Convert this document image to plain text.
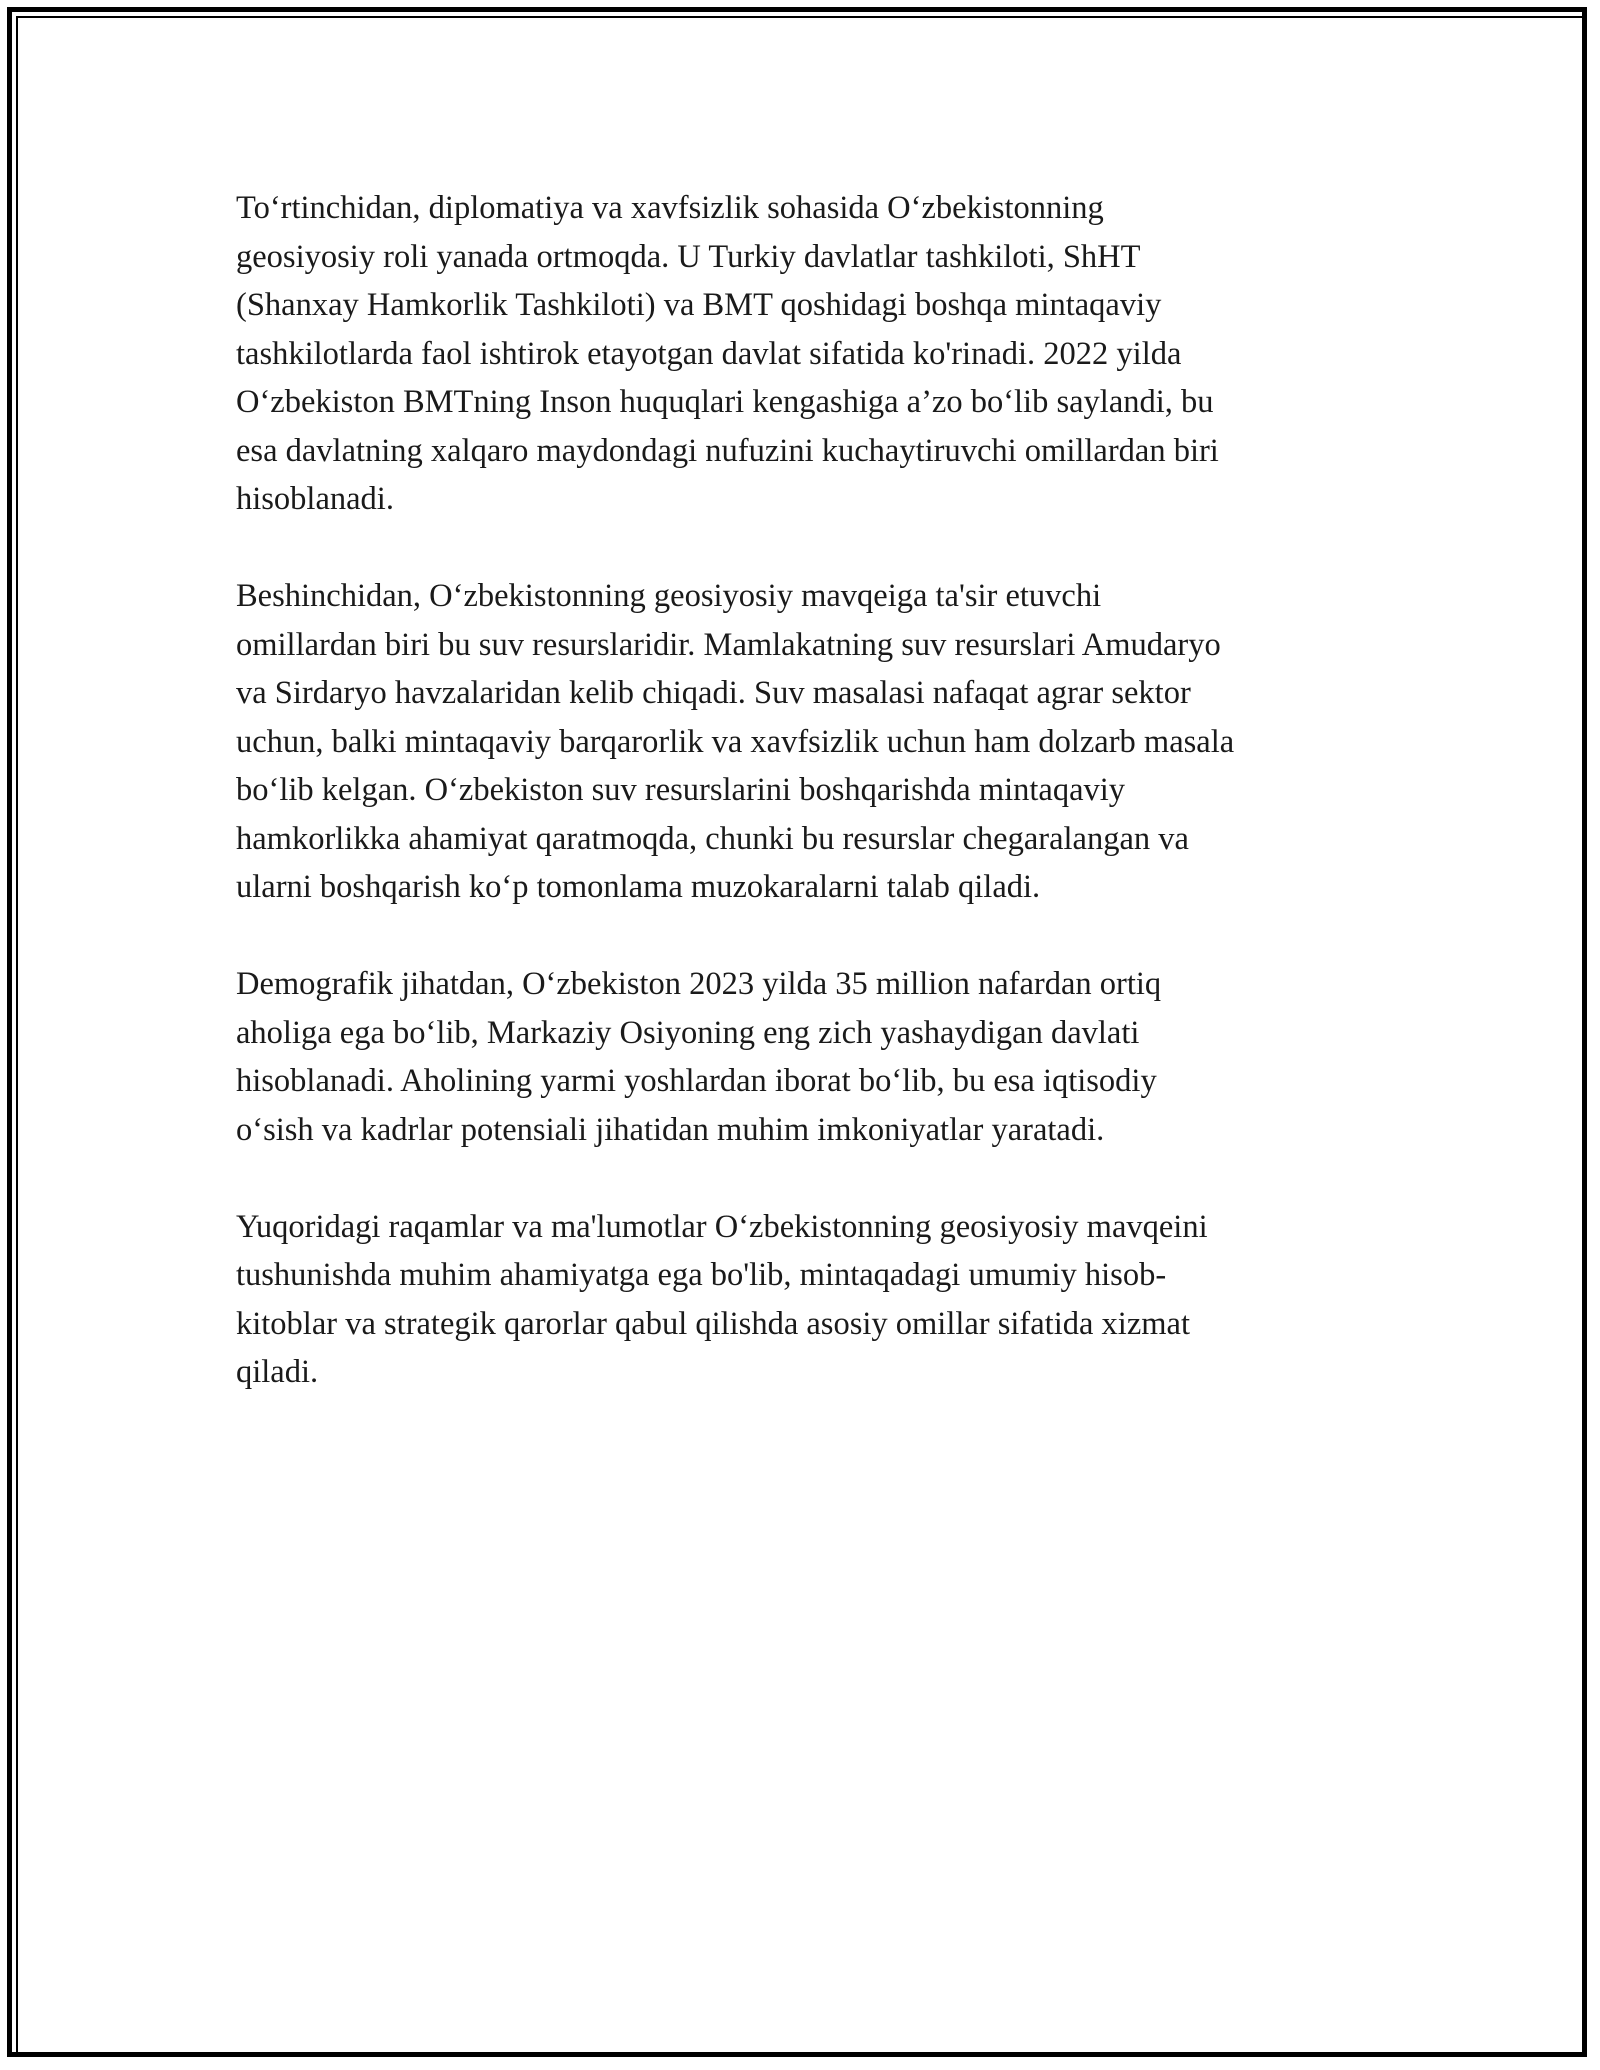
To‘rtinchidan, diplomatiya va xavfsizlik sohasida O‘zbekistonning
geosiyosiy roli yanada ortmoqda. U Turkiy davlatlar tashkiloti, ShHT
(Shanxay Hamkorlik Tashkiloti) va BMT qoshidagi boshqa mintaqaviy
tashkilotlarda faol ishtirok etayotgan davlat sifatida ko'rinadi. 2022 yilda
O‘zbekiston BMTning Inson huquqlari kengashiga a’zo bo‘lib saylandi, bu
esa davlatning xalqaro maydondagi nufuzini kuchaytiruvchi omillardan biri
hisoblanadi.
Beshinchidan, O‘zbekistonning geosiyosiy mavqeiga ta'sir etuvchi
omillardan biri bu suv resurslaridir. Mamlakatning suv resurslari Amudaryo
va Sirdaryo havzalaridan kelib chiqadi. Suv masalasi nafaqat agrar sektor
uchun, balki mintaqaviy barqarorlik va xavfsizlik uchun ham dolzarb masala
bo‘lib kelgan. O‘zbekiston suv resurslarini boshqarishda mintaqaviy
hamkorlikka ahamiyat qaratmoqda, chunki bu resurslar chegaralangan va
ularni boshqarish ko‘p tomonlama muzokaralarni talab qiladi.
Demografik jihatdan, O‘zbekiston 2023 yilda 35 million nafardan ortiq
aholiga ega bo‘lib, Markaziy Osiyoning eng zich yashaydigan davlati
hisoblanadi. Aholining yarmi yoshlardan iborat bo‘lib, bu esa iqtisodiy
o‘sish va kadrlar potensiali jihatidan muhim imkoniyatlar yaratadi.
Yuqoridagi raqamlar va ma'lumotlar O‘zbekistonning geosiyosiy mavqeini
tushunishda muhim ahamiyatga ega bo'lib, mintaqadagi umumiy hisob-
kitoblar va strategik qarorlar qabul qilishda asosiy omillar sifatida xizmat
qiladi.
